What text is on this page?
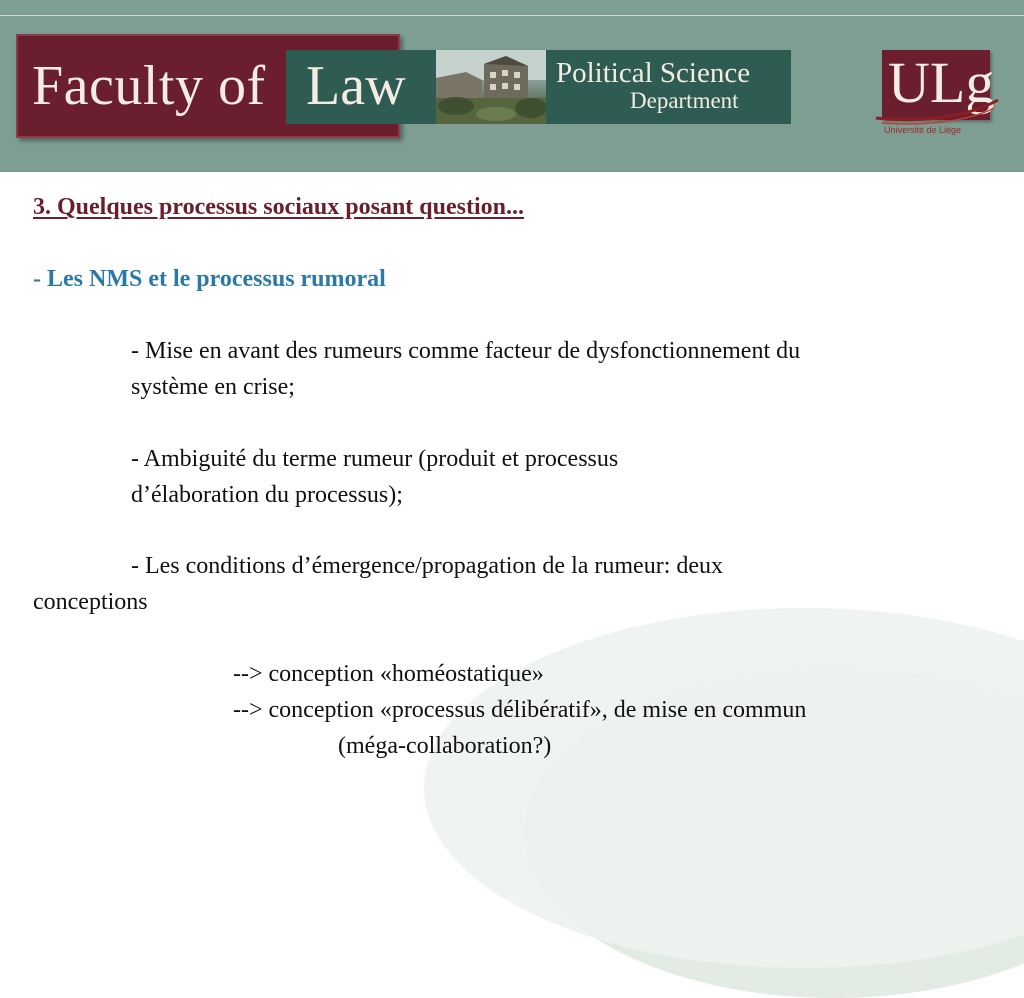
Faculty of Law	Political Science
Department	ULg
Université de Liège
3. Quelques processus sociaux posant question...
- Les NMS et le processus rumoral
- Mise en avant des rumeurs comme facteur de dysfonctionnement du
système en crise;
- Ambiguité du terme rumeur (produit et processus
d’élaboration du processus);
- Les conditions d’émergence/propagation de la rumeur: deux
conceptions
--> conception «homéostatique»
--> conception «processus délibératif», de mise en commun
(méga-collaboration?)
